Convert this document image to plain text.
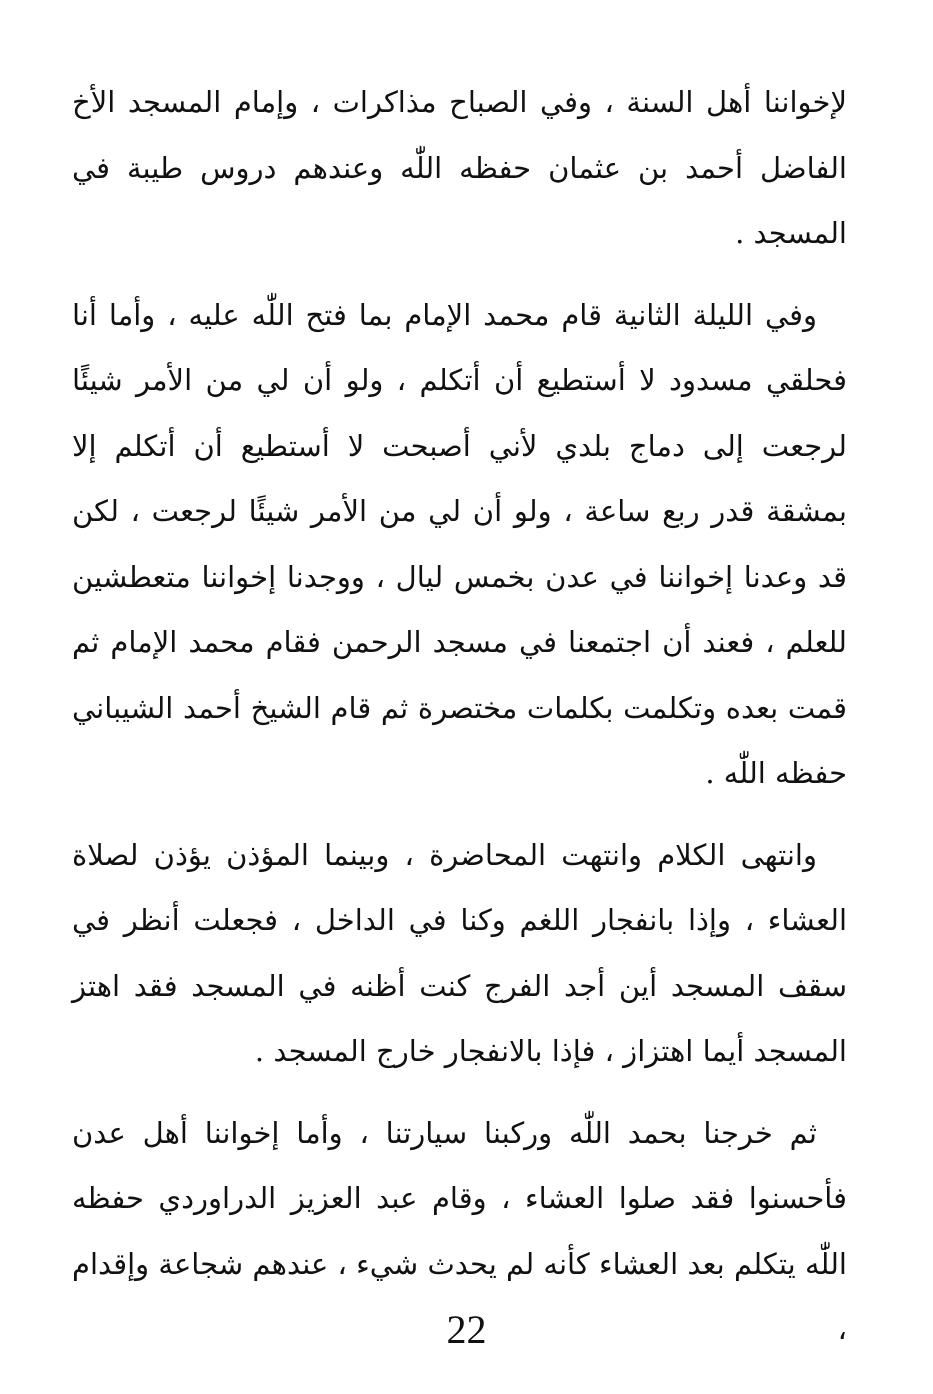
لإخواننا أهل السنة ، وفي الصباح مذاكرات ، وإمام المسجد الأخ الفاضل أحمد بن عثمان حفظه اللّٰه وعندهم دروس طيبة في المسجد .

وفي الليلة الثانية قام محمد الإمام بما فتح اللّٰه عليه ، وأما أنا فحلقي مسدود لا أستطيع أن أتكلم ، ولو أن لي من الأمر شيئًا لرجعت إلى دماج بلدي لأني أصبحت لا أستطيع أن أتكلم إلا بمشقة قدر ربع ساعة ، ولو أن لي من الأمر شيئًا لرجعت ، لكن قد وعدنا إخواننا في عدن بخمس ليال ، ووجدنا إخواننا متعطشين للعلم ، فعند أن اجتمعنا في مسجد الرحمن فقام محمد الإمام ثم قمت بعده وتكلمت بكلمات مختصرة ثم قام الشيخ أحمد الشيباني حفظه اللّٰه .

وانتهى الكلام وانتهت المحاضرة ، وبينما المؤذن يؤذن لصلاة العشاء ، وإذا بانفجار اللغم وكنا في الداخل ، فجعلت أنظر في سقف المسجد أين أجد الفرج كنت أظنه في المسجد فقد اهتز المسجد أيما اهتزاز ، فإذا بالانفجار خارج المسجد .

ثم خرجنا بحمد اللّٰه وركبنا سيارتنا ، وأما إخواننا أهل عدن فأحسنوا فقد صلوا العشاء ، وقام عبد العزيز الدراوردي حفظه اللّٰه يتكلم بعد العشاء كأنه لم يحدث شيء ، عندهم شجاعة وإقدام ،

22
